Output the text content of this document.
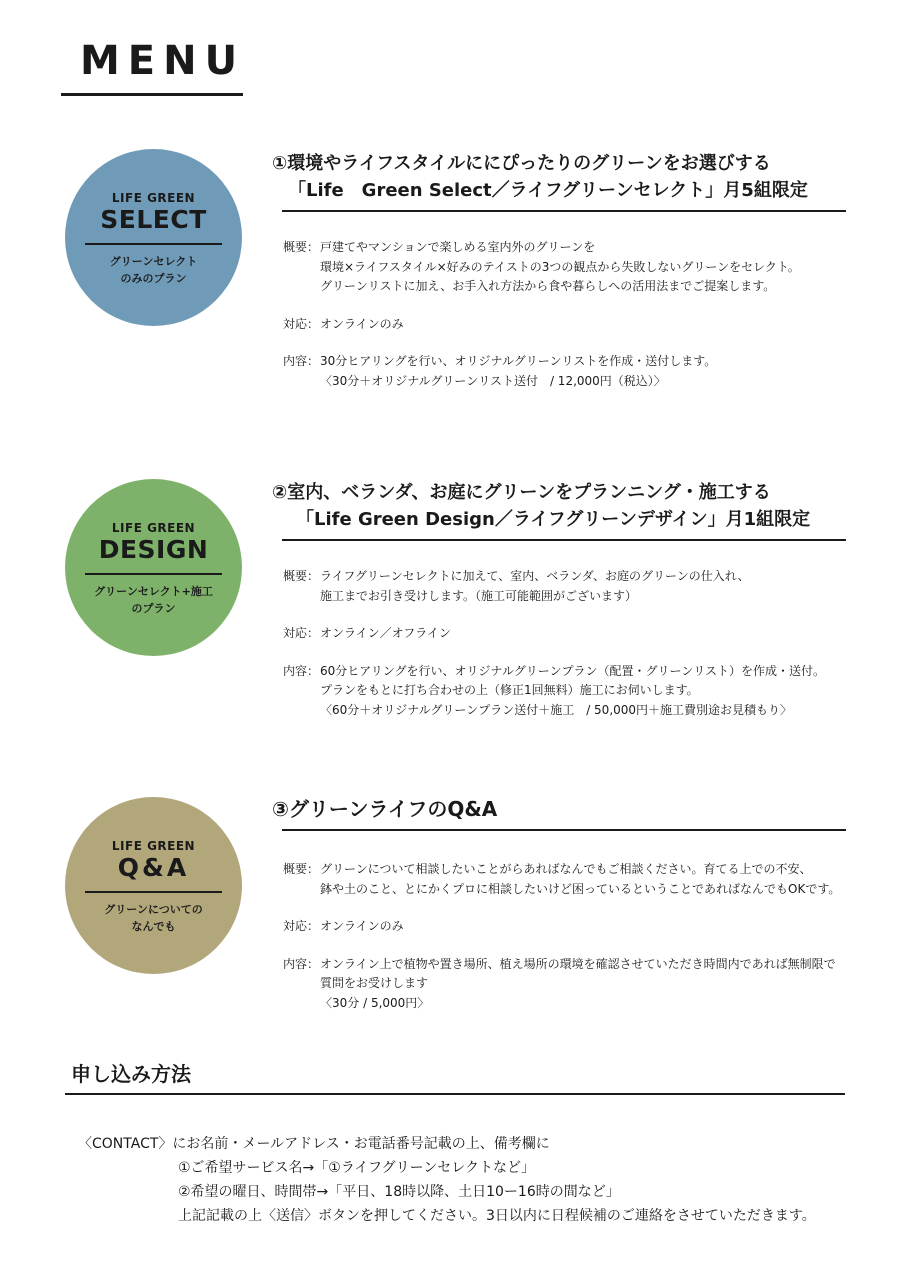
MENU
LIFE GREEN
SELECT
グリーンセレクト
のみのプラン
①環境やライフスタイルににぴったりのグリーンをお選びする
「Life　Green Select／ライフグリーンセレクト」月5組限定
概要： 戸建てやマンションで楽しめる室内外のグリーンを
環境×ライフスタイル×好みのテイストの3つの観点から失敗しないグリーンをセレクト。
グリーンリストに加え、お手入れ方法から食や暮らしへの活用法までご提案します。
対応： オンラインのみ
内容： 30分ヒアリングを行い、オリジナルグリーンリストを作成・送付します。
〈30分＋オリジナルグリーンリスト送付　/ 12,000円（税込）〉
LIFE GREEN
DESIGN
グリーンセレクト+施工
のプラン
②室内、ベランダ、お庭にグリーンをプランニング・施工する
「Life Green Design／ライフグリーンデザイン」月1組限定
概要： ライフグリーンセレクトに加えて、室内、ベランダ、お庭のグリーンの仕入れ、
施工までお引き受けします。（施工可能範囲がございます）
対応： オンライン／オフライン
内容： 60分ヒアリングを行い、オリジナルグリーンプラン（配置・グリーンリスト）を作成・送付。
プランをもとに打ち合わせの上（修正1回無料）施工にお伺いします。
〈60分＋オリジナルグリーンプラン送付＋施工　/ 50,000円＋施工費別途お見積もり〉
LIFE GREEN
Q&A
グリーンについての
なんでも
③グリーンライフのQ&A
概要： グリーンについて相談したいことがらあればなんでもご相談ください。育てる上での不安、
鉢や土のこと、とにかくプロに相談したいけど困っているということであればなんでもOKです。
対応： オンラインのみ
内容： オンライン上で植物や置き場所、植え場所の環境を確認させていただき時間内であれば無制限で
質問をお受けします
〈30分 / 5,000円〉
申し込み方法
〈CONTACT〉にお名前・メールアドレス・お電話番号記載の上、備考欄に
①ご希望サービス名→「①ライフグリーンセレクトなど」
②希望の曜日、時間帯→「平日、18時以降、土日10ー16時の間など」
上記記載の上〈送信〉ボタンを押してください。3日以内に日程候補のご連絡をさせていただきます。
